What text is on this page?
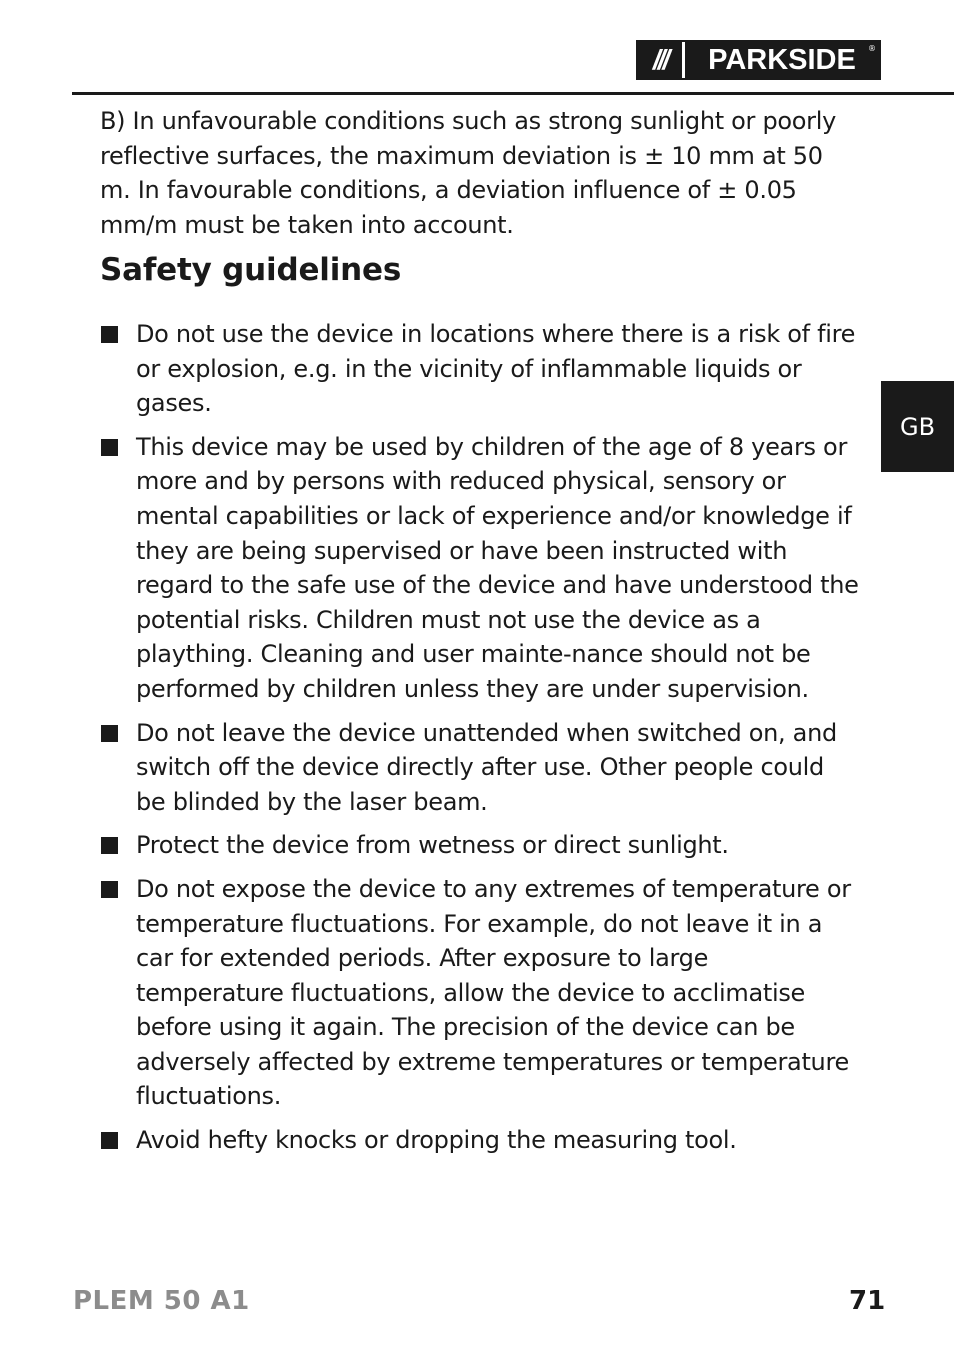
///	PARKSIDE	®

B) In unfavourable conditions such as strong sunlight or poorly reflective surfaces, the maximum deviation is ± 10 mm at 50 m. In favourable conditions, a deviation influence of ± 0.05 mm/m must be taken into account.

Safety guidelines
Do not use the device in locations where there is a risk of fire or explosion, e.g. in the vicinity of inflammable liquids or gases.
This device may be used by children of the age of 8 years or more and by persons with reduced physical, sensory or mental capabilities or lack of experience and/or knowledge if they are being supervised or have been instructed with regard to the safe use of the device and have understood the potential risks. Children must not use the device as a plaything. Cleaning and user mainte-nance should not be performed by children unless they are under supervision.
Do not leave the device unattended when switched on, and switch off the device directly after use. Other people could be blinded by the laser beam.
Protect the device from wetness or direct sunlight.
Do not expose the device to any extremes of temperature or temperature fluctuations. For example, do not leave it in a car for extended periods. After exposure to large temperature fluctuations, allow the device to acclimatise before using it again. The precision of the device can be adversely affected by extreme temperatures or temperature fluctuations.
Avoid hefty knocks or dropping the measuring tool.
GB
PLEM 50 A1	71
